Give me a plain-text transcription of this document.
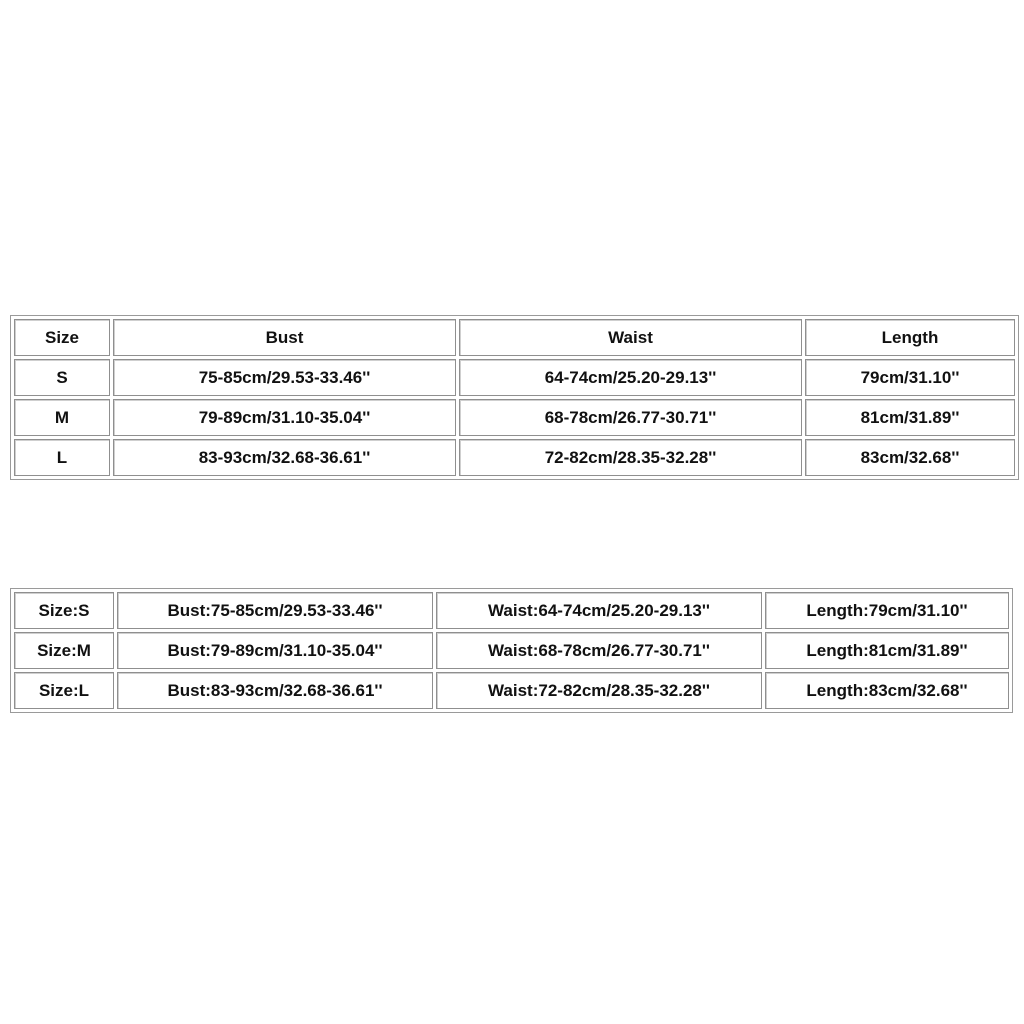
Size	Bust	Waist	Length
S	75-85cm/29.53-33.46''	64-74cm/25.20-29.13''	79cm/31.10''
M	79-89cm/31.10-35.04''	68-78cm/26.77-30.71''	81cm/31.89''
L	83-93cm/32.68-36.61''	72-82cm/28.35-32.28''	83cm/32.68''
Size:S	Bust:75-85cm/29.53-33.46''	Waist:64-74cm/25.20-29.13''	Length:79cm/31.10''
Size:M	Bust:79-89cm/31.10-35.04''	Waist:68-78cm/26.77-30.71''	Length:81cm/31.89''
Size:L	Bust:83-93cm/32.68-36.61''	Waist:72-82cm/28.35-32.28''	Length:83cm/32.68''
